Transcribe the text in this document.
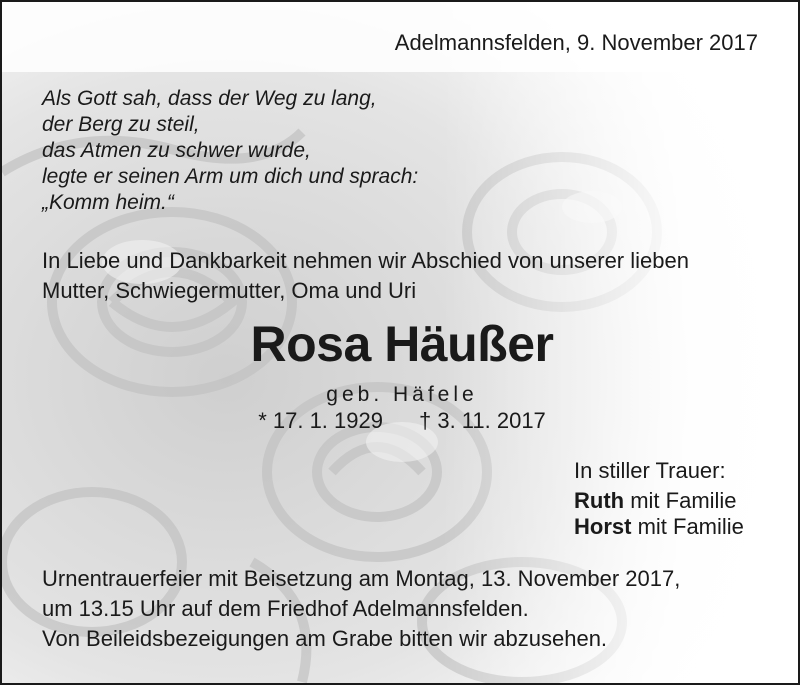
Adelmannsfelden, 9. November 2017
Als Gott sah, dass der Weg zu lang,
der Berg zu steil,
das Atmen zu schwer wurde,
legte er seinen Arm um dich und sprach:
„Komm heim.“
In Liebe und Dankbarkeit nehmen wir Abschied von unserer lieben
Mutter, Schwiegermutter, Oma und Uri
Rosa Häußer
geb. Häfele
* 17. 1. 1929 † 3. 11. 2017
In stiller Trauer:
Ruth mit Familie
Horst mit Familie
Urnentrauerfeier mit Beisetzung am Montag, 13. November 2017,
um 13.15 Uhr auf dem Friedhof Adelmannsfelden.
Von Beileidsbezeigungen am Grabe bitten wir abzusehen.
